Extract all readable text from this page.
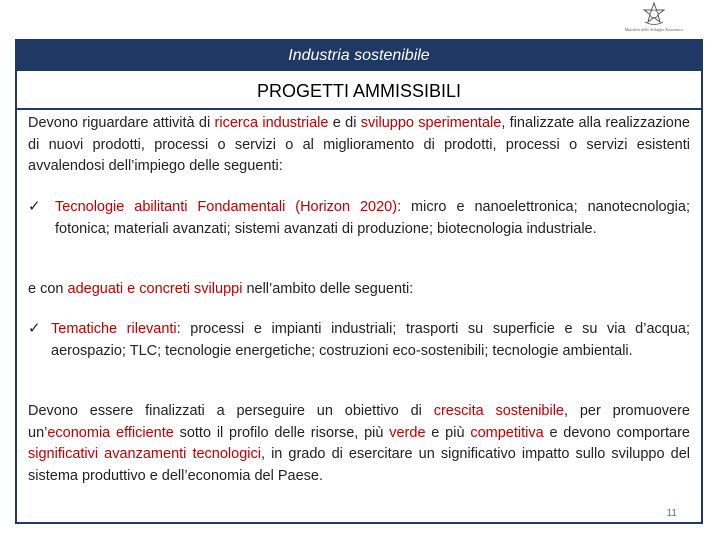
Ministero dello Sviluppo Economico
Industria sostenibile
PROGETTI AMMISSIBILI
Devono riguardare attività di ricerca industriale e di sviluppo sperimentale, finalizzate alla realizzazione di nuovi prodotti, processi o servizi o al miglioramento di prodotti, processi o servizi esistenti avvalendosi dell’impiego delle seguenti:
✓ Tecnologie abilitanti Fondamentali (Horizon 2020): micro e nanoelettronica; nanotecnologia; fotonica; materiali avanzati; sistemi avanzati di produzione; biotecnologia industriale.
e con adeguati e concreti sviluppi nell’ambito delle seguenti:
✓ Tematiche rilevanti: processi e impianti industriali; trasporti su superficie e su via d’acqua; aerospazio; TLC; tecnologie energetiche; costruzioni eco-sostenibili; tecnologie ambientali.
Devono essere finalizzati a perseguire un obiettivo di crescita sostenibile, per promuovere un’economia efficiente sotto il profilo delle risorse, più verde e più competitiva e devono comportare significativi avanzamenti tecnologici, in grado di esercitare un significativo impatto sullo sviluppo del sistema produttivo e dell’economia del Paese.
11
